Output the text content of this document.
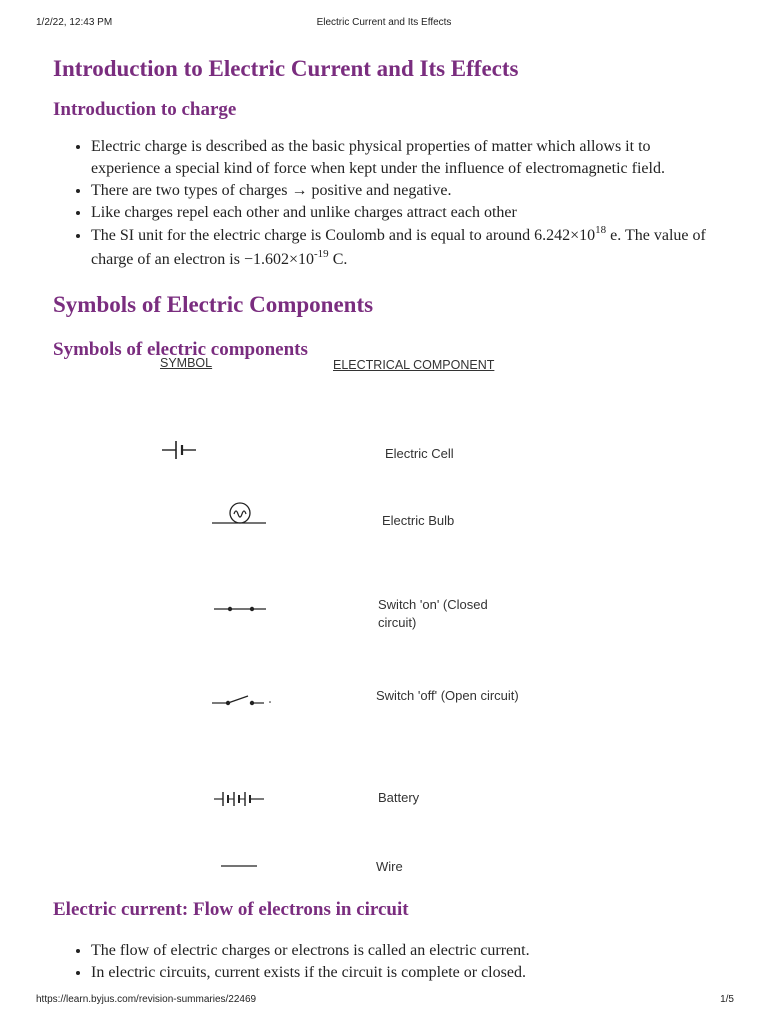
1/2/22, 12:43 PM	Electric Current and Its Effects
Introduction to Electric Current and Its Effects
Introduction to charge
• Electric charge is described as the basic physical properties of matter which allows it to experience a special kind of force when kept under the influence of electromagnetic field.
• There are two types of charges → positive and negative.
• Like charges repel each other and unlike charges attract each other
• The SI unit for the electric charge is Coulomb and is equal to around $6.242\times 10^{18}$ e. The value of charge of an electron is $-1.602\times 10^{-19}$ C.
Symbols of Electric Components
Symbols of electric components
SYMBOL	ELECTRICAL COMPONENT
Electric Cell
Electric Bulb
Switch 'on' (Closed
circuit)
Switch 'off' (Open circuit)
Battery
Wire
Electric current: Flow of electrons in circuit
• The flow of electric charges or electrons is called an electric current.
• In electric circuits, current exists if the circuit is complete or closed.
https://learn.byjus.com/revision-summaries/22469	1/5
